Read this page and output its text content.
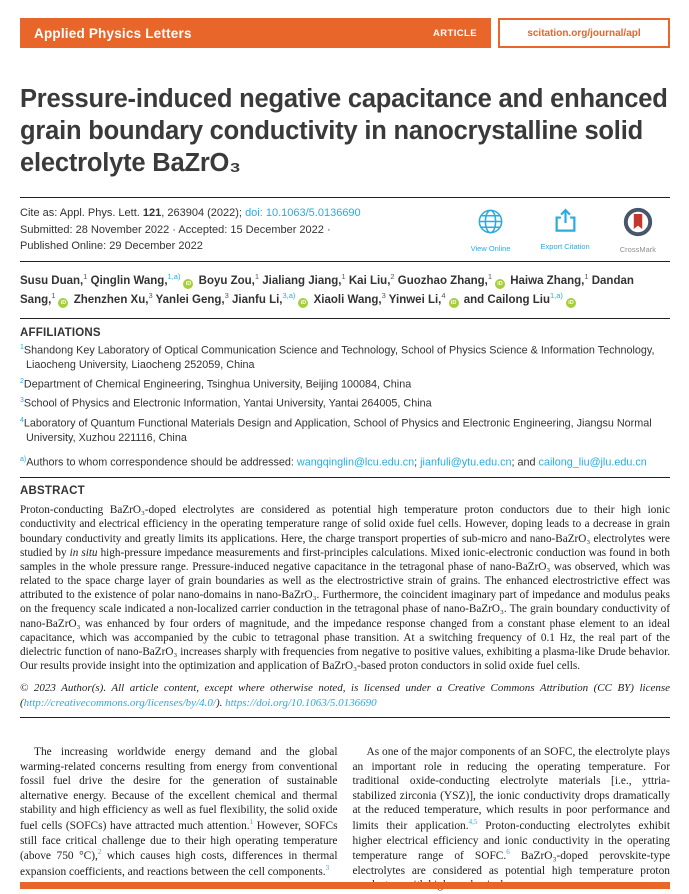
Applied Physics Letters	ARTICLE	scitation.org/journal/apl
Pressure-induced negative capacitance and enhanced grain boundary conductivity in nanocrystalline solid electrolyte BaZrO₃
Cite as: Appl. Phys. Lett. 121, 263904 (2022); doi: 10.1063/5.0136690
Submitted: 28 November 2022 · Accepted: 15 December 2022 ·
Published Online: 29 December 2022	View Online	Export Citation	CrossMark
Susu Duan,$^1$ Qinglin Wang,$^{1,a)}$iD Boyu Zou,$^1$ Jialiang Jiang,$^1$ Kai Liu,$^2$ Guozhao Zhang,$^1$iD Haiwa Zhang,$^1$ Dandan Sang,$^1$iD Zhenzhen Xu,$^3$ Yanlei Geng,$^3$ Jianfu Li,$^{3,a)}$iD Xiaoli Wang,$^3$ Yinwei Li,$^4$iD and Cailong Liu$^{1,a)}$iD
AFFILIATIONS

$^1$Shandong Key Laboratory of Optical Communication Science and Technology, School of Physics Science & Information Technology, Liaocheng University, Liaocheng 252059, China

$^2$Department of Chemical Engineering, Tsinghua University, Beijing 100084, China

$^3$School of Physics and Electronic Information, Yantai University, Yantai 264005, China

$^4$Laboratory of Quantum Functional Materials Design and Application, School of Physics and Electronic Engineering, Jiangsu Normal University, Xuzhou 221116, China

$^{a)}$Authors to whom correspondence should be addressed: wangqinglin@lcu.edu.cn; jianfuli@ytu.edu.cn; and cailong_liu@jlu.edu.cn

ABSTRACT

Proton-conducting BaZrO₃-doped electrolytes are considered as potential high temperature proton conductors due to their high ionic conductivity and electrical efficiency in the operating temperature range of solid oxide fuel cells. However, doping leads to a decrease in grain boundary conductivity and greatly limits its applications. Here, the charge transport properties of sub-micro and nano-BaZrO₃ electrolytes were studied by in situ high-pressure impedance measurements and first-principles calculations. Mixed ionic-electronic conduction was found in both samples in the whole pressure range. Pressure-induced negative capacitance in the tetragonal phase of nano-BaZrO₃ was observed, which was related to the space charge layer of grain boundaries as well as the electrostrictive strain of grains. The enhanced electrostrictive effect was attributed to the existence of polar nano-domains in nano-BaZrO₃. Furthermore, the coincident imaginary part of impedance and modulus peaks on the frequency scale indicated a non-localized carrier conduction in the tetragonal phase of nano-BaZrO₃. The grain boundary conductivity of nano-BaZrO₃ was enhanced by four orders of magnitude, and the impedance response changed from a constant phase element to an ideal capacitance, which was accompanied by the cubic to tetragonal phase transition. At a switching frequency of 0.1 Hz, the real part of the dielectric function of nano-BaZrO₃ increases sharply with frequencies from negative to positive values, exhibiting a plasma-like Drude behavior. Our results provide insight into the optimization and application of BaZrO₃-based proton conductors in solid oxide fuel cells.

© 2023 Author(s). All article content, except where otherwise noted, is licensed under a Creative Commons Attribution (CC BY) license (http://creativecommons.org/licenses/by/4.0/). https://doi.org/10.1063/5.0136690

The increasing worldwide energy demand and the global warming-related concerns resulting from energy from conventional fossil fuel drive the desire for the generation of sustainable alternative energy. Because of the excellent chemical and thermal stability and high efficiency as well as fuel flexibility, the solid oxide fuel cells (SOFCs) have attracted much attention.$^1$ However, SOFCs still face critical challenge due to their high operating temperature (above 750 °C),$^2$ which causes high costs, differences in thermal expansion coefficients, and reactions between the cell components.$^3$

As one of the major components of an SOFC, the electrolyte plays an important role in reducing the operating temperature. For traditional oxide-conducting electrolyte materials [i.e., yttria-stabilized zirconia (YSZ)], the ionic conductivity drops dramatically at the reduced temperature, which results in poor performance and limits their application.$^{4,5}$ Proton-conducting electrolytes exhibit higher electrical efficiency and ionic conductivity in the operating temperature range of SOFC.$^6$ BaZrO₃-doped perovskite-type electrolytes are considered as potential high temperature proton
